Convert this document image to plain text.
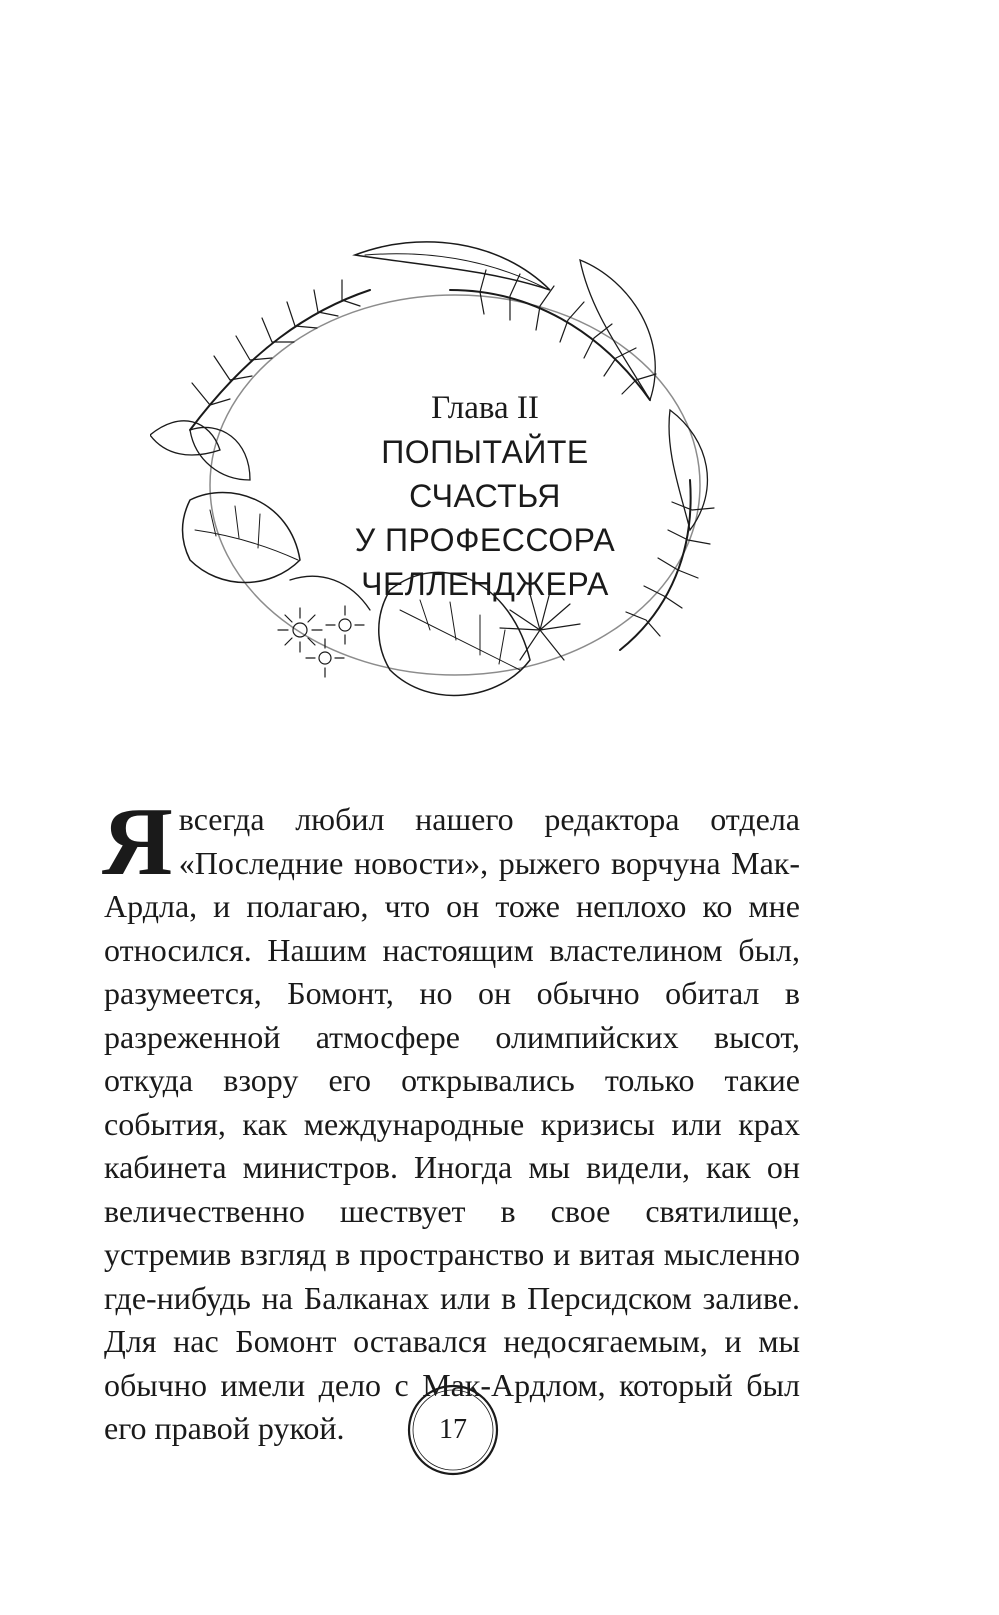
Глава II
ПОПЫТАЙТЕ
СЧАСТЬЯ
У ПРОФЕССОРА
ЧЕЛЛЕНДЖЕРА

Я всегда любил нашего редактора отдела «Последние новости», рыжего ворчуна Мак-Ардла, и полагаю, что он тоже неплохо ко мне относился. Нашим настоящим властелином был, разумеется, Бомонт, но он обычно обитал в разреженной атмосфере олимпийских высот, откуда взору его открывались только такие события, как международные кризисы или крах кабинета министров. Иногда мы видели, как он величественно шествует в свое святилище, устремив взгляд в пространство и витая мысленно где-нибудь на Балканах или в Персидском заливе. Для нас Бомонт оставался недосягаемым, и мы обычно имели дело с Мак-Ардлом, который был его правой рукой.	17
